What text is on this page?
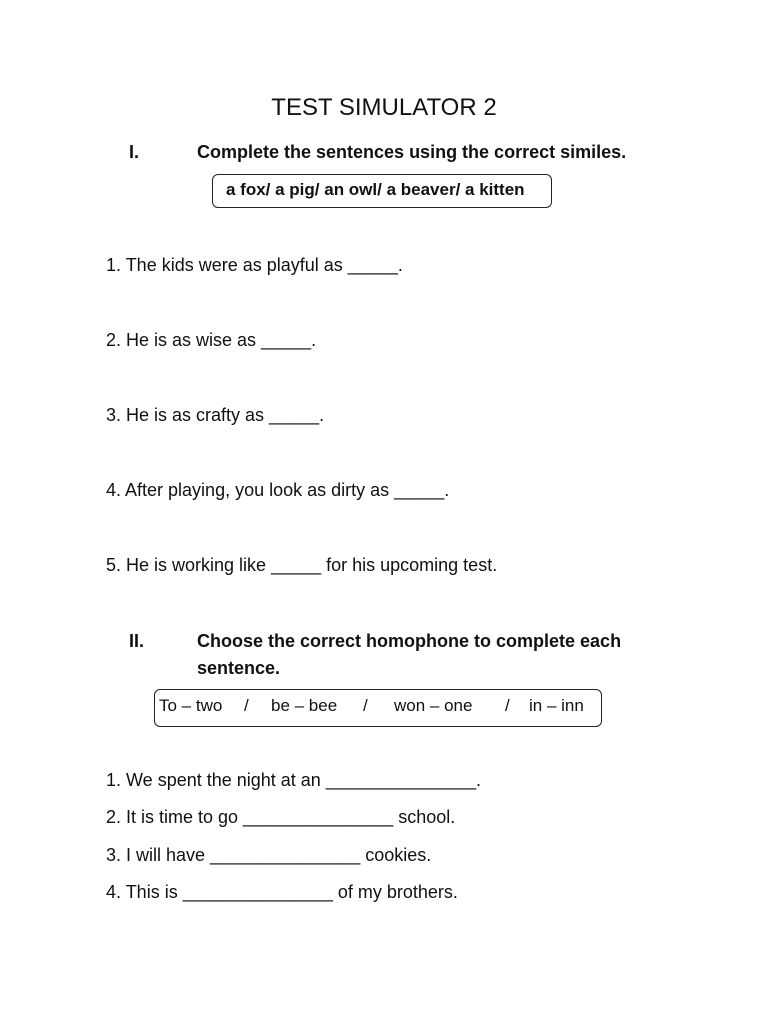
TEST SIMULATOR 2
I.	Complete the sentences using the correct similes.
a fox/ a pig/ an owl/ a beaver/ a kitten
1. The kids were as playful as _____.
2. He is as wise as _____.
3. He is as crafty as _____.
4. After playing, you look as dirty as _____.
5. He is working like _____ for his upcoming test.
II.	Choose the correct homophone to complete each
sentence.
To – two / be – bee / won – one / in – inn
1. We spent the night at an _______________.
2. It is time to go _______________ school.
3. I will have _______________ cookies.
4. This is _______________ of my brothers.
